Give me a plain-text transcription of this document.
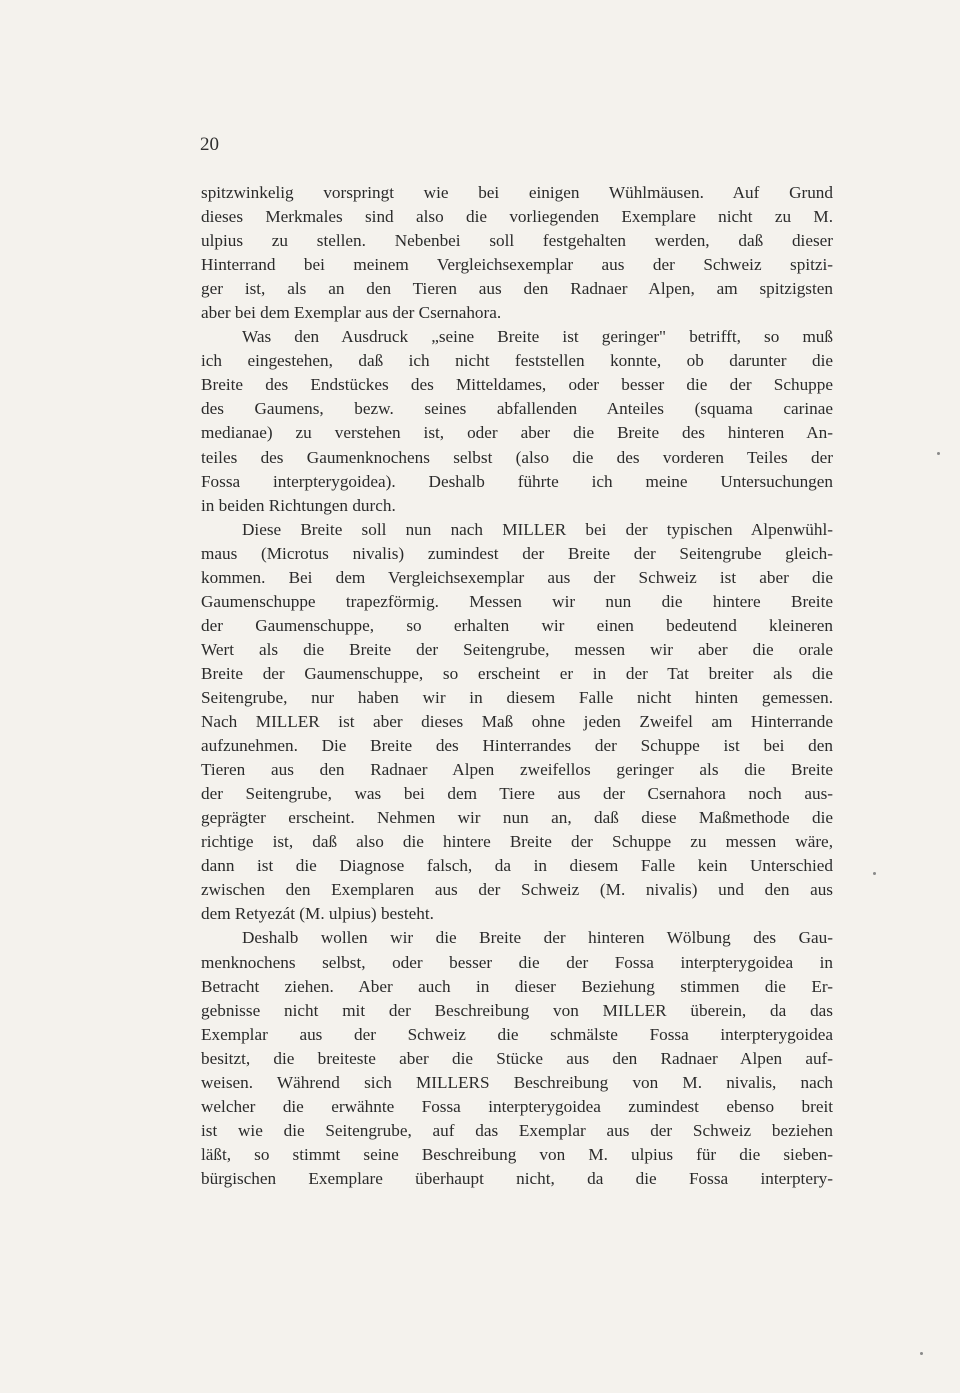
20
spitzwinkelig vorspringt wie bei einigen Wühlmäusen. Auf Grund
dieses Merkmales sind also die vorliegenden Exemplare nicht zu M.
ulpius zu stellen. Nebenbei soll festgehalten werden, daß dieser
Hinterrand bei meinem Vergleichsexemplar aus der Schweiz spitzi-
ger ist, als an den Tieren aus den Radnaer Alpen, am spitzigsten
aber bei dem Exemplar aus der Csernahora.
Was den Ausdruck „seine Breite ist geringer" betrifft, so muß
ich eingestehen, daß ich nicht feststellen konnte, ob darunter die
Breite des Endstückes des Mitteldames, oder besser die der Schuppe
des Gaumens, bezw. seines abfallenden Anteiles (squama carinae
medianae) zu verstehen ist, oder aber die Breite des hinteren An-
teiles des Gaumenknochens selbst (also die des vorderen Teiles der
Fossa interpterygoidea). Deshalb führte ich meine Untersuchungen
in beiden Richtungen durch.
Diese Breite soll nun nach MILLER bei der typischen Alpenwühl-
maus (Microtus nivalis) zumindest der Breite der Seitengrube gleich-
kommen. Bei dem Vergleichsexemplar aus der Schweiz ist aber die
Gaumenschuppe trapezförmig. Messen wir nun die hintere Breite
der Gaumenschuppe, so erhalten wir einen bedeutend kleineren
Wert als die Breite der Seitengrube, messen wir aber die orale
Breite der Gaumenschuppe, so erscheint er in der Tat breiter als die
Seitengrube, nur haben wir in diesem Falle nicht hinten gemessen.
Nach MILLER ist aber dieses Maß ohne jeden Zweifel am Hinterrande
aufzunehmen. Die Breite des Hinterrandes der Schuppe ist bei den
Tieren aus den Radnaer Alpen zweifellos geringer als die Breite
der Seitengrube, was bei dem Tiere aus der Csernahora noch aus-
geprägter erscheint. Nehmen wir nun an, daß diese Maßmethode die
richtige ist, daß also die hintere Breite der Schuppe zu messen wäre,
dann ist die Diagnose falsch, da in diesem Falle kein Unterschied
zwischen den Exemplaren aus der Schweiz (M. nivalis) und den aus
dem Retyezát (M. ulpius) besteht.
Deshalb wollen wir die Breite der hinteren Wölbung des Gau-
menknochens selbst, oder besser die der Fossa interpterygoidea in
Betracht ziehen. Aber auch in dieser Beziehung stimmen die Er-
gebnisse nicht mit der Beschreibung von MILLER überein, da das
Exemplar aus der Schweiz die schmälste Fossa interpterygoidea
besitzt, die breiteste aber die Stücke aus den Radnaer Alpen auf-
weisen. Während sich MILLERS Beschreibung von M. nivalis, nach
welcher die erwähnte Fossa interpterygoidea zumindest ebenso breit
ist wie die Seitengrube, auf das Exemplar aus der Schweiz beziehen
läßt, so stimmt seine Beschreibung von M. ulpius für die sieben-
bürgischen Exemplare überhaupt nicht, da die Fossa interptery-
